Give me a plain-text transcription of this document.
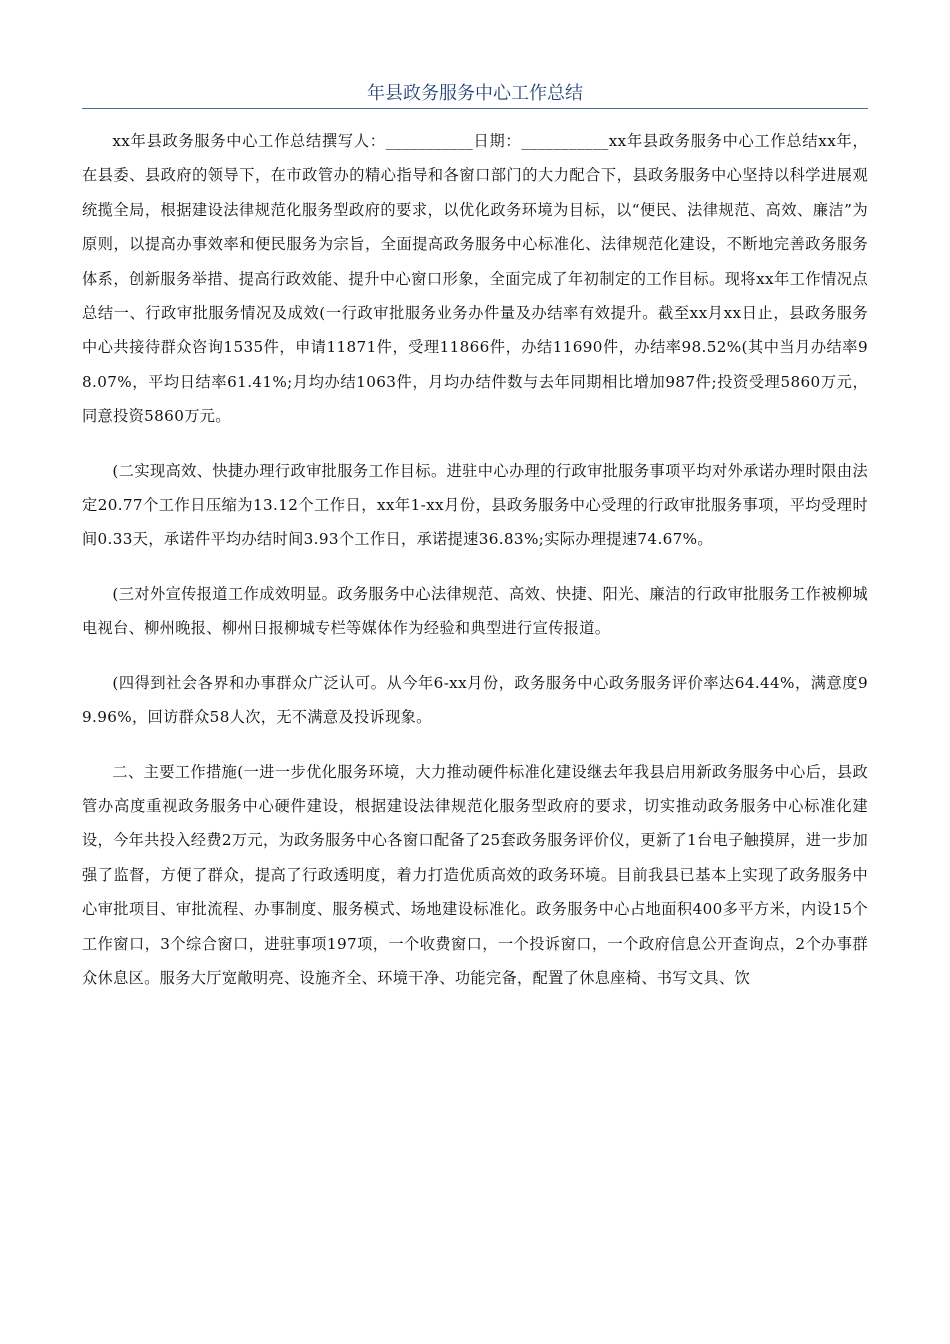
年县政务服务中心工作总结

xx年县政务服务中心工作总结撰写人：___________日期：___________xx年县政务服务中心工作总结xx年，在县委、县政府的领导下，在市政管办的精心指导和各窗口部门的大力配合下，县政务服务中心坚持以科学进展观统揽全局，根据建设法律规范化服务型政府的要求，以优化政务环境为目标，以“便民、法律规范、高效、廉洁”为原则，以提高办事效率和便民服务为宗旨，全面提高政务服务中心标准化、法律规范化建设，不断地完善政务服务体系，创新服务举措、提高行政效能、提升中心窗口形象，全面完成了年初制定的工作目标。现将xx年工作情况点总结一、行政审批服务情况及成效(一行政审批服务业务办件量及办结率有效提升。截至xx月xx日止，县政务服务中心共接待群众咨询1535件，申请11871件，受理11866件，办结11690件，办结率98.52%(其中当月办结率98.07%，平均日结率61.41%;月均办结1063件，月均办结件数与去年同期相比增加987件;投资受理5860万元，同意投资5860万元。

(二实现高效、快捷办理行政审批服务工作目标。进驻中心办理的行政审批服务事项平均对外承诺办理时限由法定20.77个工作日压缩为13.12个工作日，xx年1-xx月份，县政务服务中心受理的行政审批服务事项，平均受理时间0.33天，承诺件平均办结时间3.93个工作日，承诺提速36.83%;实际办理提速74.67%。

(三对外宣传报道工作成效明显。政务服务中心法律规范、高效、快捷、阳光、廉洁的行政审批服务工作被柳城电视台、柳州晚报、柳州日报柳城专栏等媒体作为经验和典型进行宣传报道。

(四得到社会各界和办事群众广泛认可。从今年6-xx月份，政务服务中心政务服务评价率达64.44%，满意度99.96%，回访群众58人次，无不满意及投诉现象。

二、主要工作措施(一进一步优化服务环境，大力推动硬件标准化建设继去年我县启用新政务服务中心后，县政管办高度重视政务服务中心硬件建设，根据建设法律规范化服务型政府的要求，切实推动政务服务中心标准化建设，今年共投入经费2万元，为政务服务中心各窗口配备了25套政务服务评价仪，更新了1台电子触摸屏，进一步加强了监督，方便了群众，提高了行政透明度，着力打造优质高效的政务环境。目前我县已基本上实现了政务服务中心审批项目、审批流程、办事制度、服务模式、场地建设标准化。政务服务中心占地面积400多平方米，内设15个工作窗口，3个综合窗口，进驻事项197项，一个收费窗口，一个投诉窗口，一个政府信息公开查询点，2个办事群众休息区。服务大厅宽敞明亮、设施齐全、环境干净、功能完备，配置了休息座椅、书写文具、饮
